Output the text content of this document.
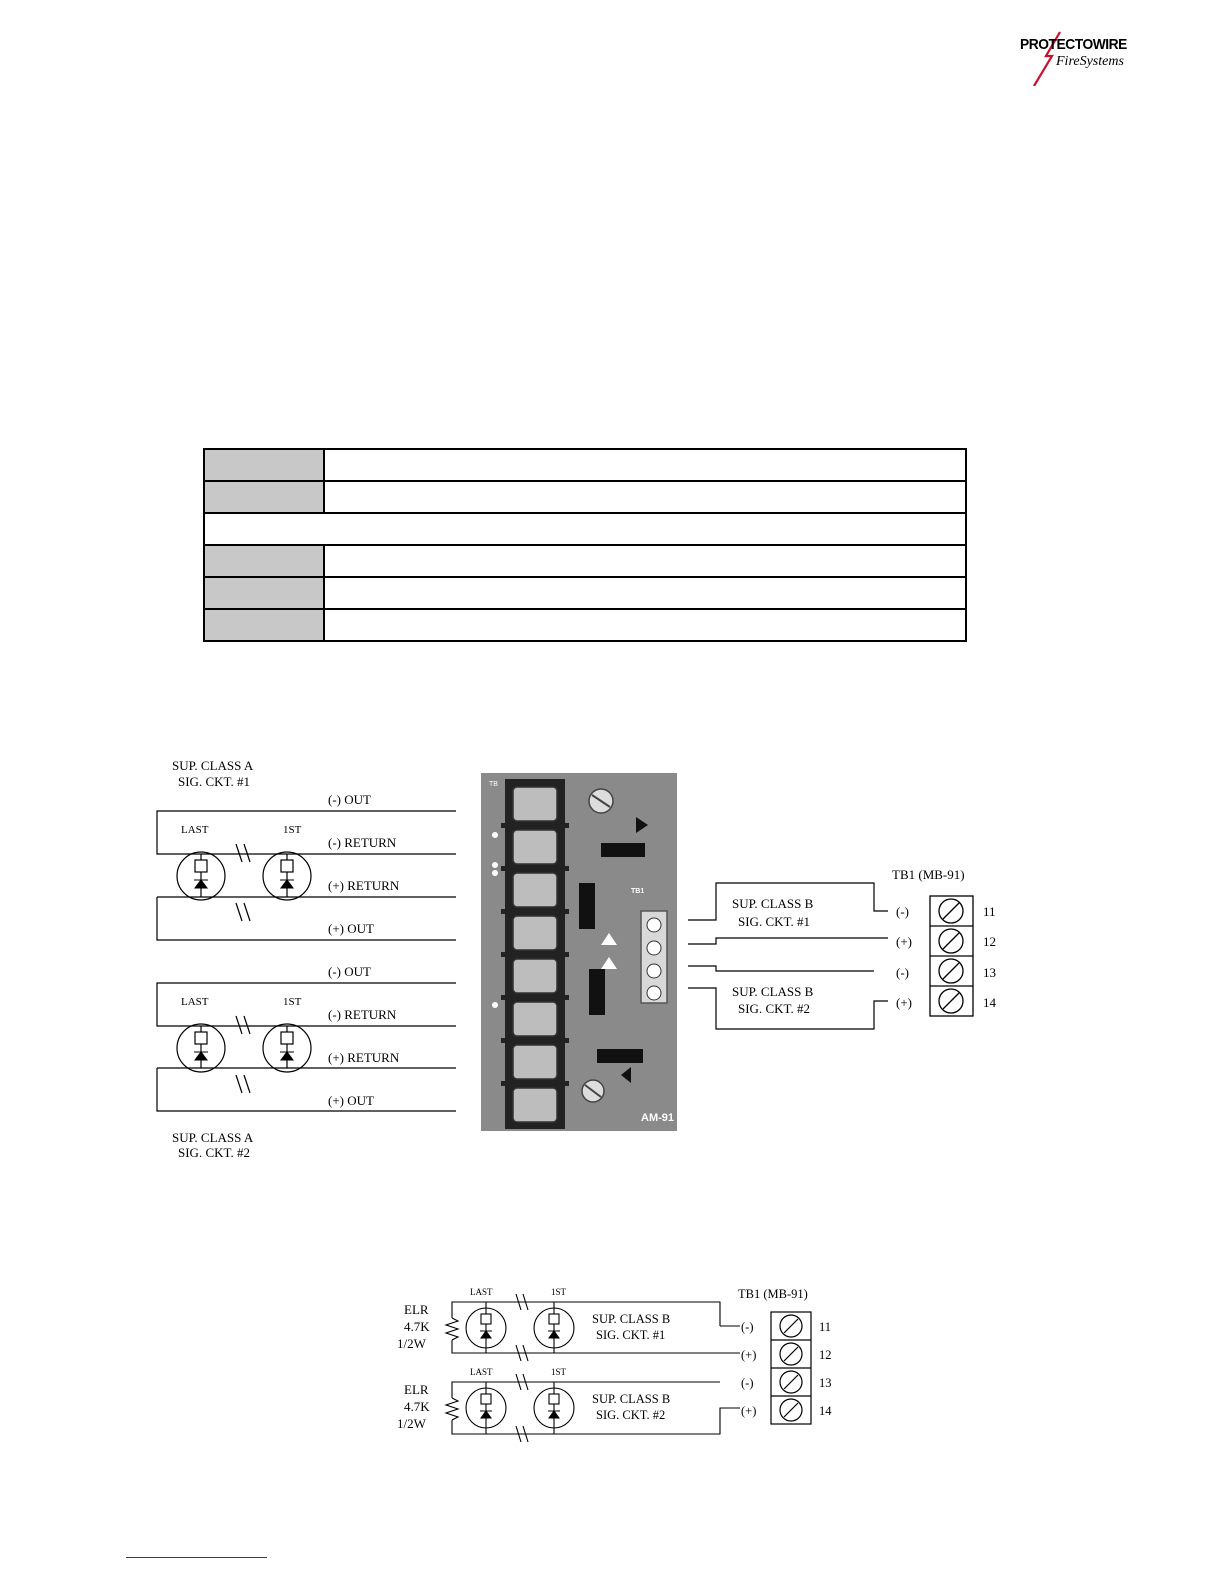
PROTECTOWIRE
FireSystems

AM-91
TB
TB1
SUP. CLASS A
SIG. CKT. #1
(-) OUT
LAST	1ST
(-) RETURN
(+) RETURN
(+) OUT
(-) OUT
LAST	1ST
(-) RETURN
(+) RETURN
(+) OUT
SUP. CLASS A
SIG. CKT. #2
TB1 (MB-91)
SUP. CLASS B
SIG. CKT. #1
SUP. CLASS B
SIG. CKT. #2
(-)
(+)
(-)
(+)
11
12
13
14
ELR
4.7K
1/2W
ELR
4.7K
1/2W
LAST	1ST
LAST	1ST
SUP. CLASS B
SIG. CKT. #1
SUP. CLASS B
SIG. CKT. #2
TB1 (MB-91)
(-)
(+)
(-)
(+)
11
12
13
14
